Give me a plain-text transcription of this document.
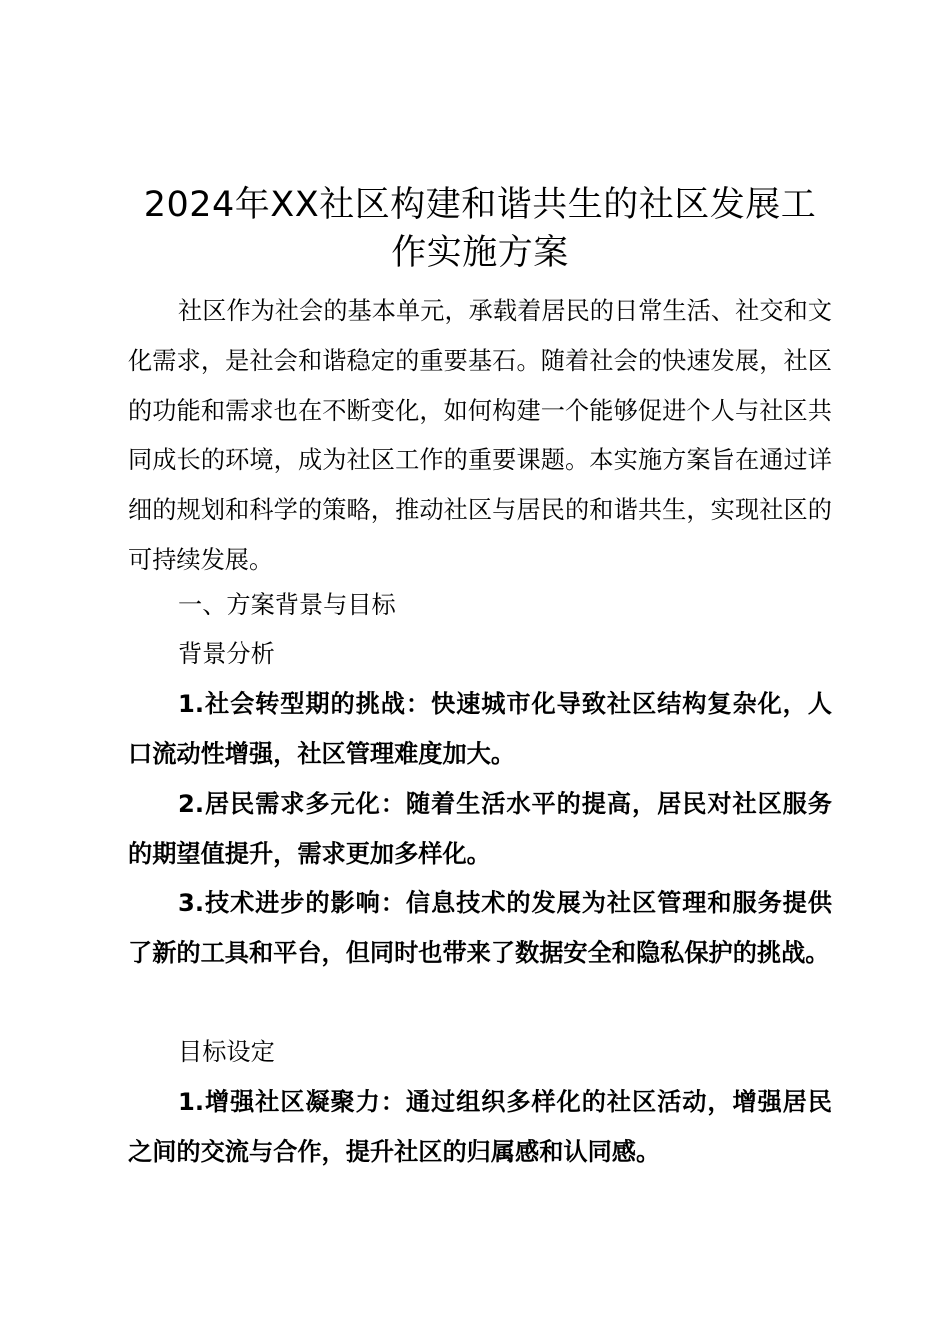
2024年XX社区构建和谐共生的社区发展工作实施方案

社区作为社会的基本单元，承载着居民的日常生活、社交和文化需求，是社会和谐稳定的重要基石。随着社会的快速发展，社区的功能和需求也在不断变化，如何构建一个能够促进个人与社区共同成长的环境，成为社区工作的重要课题。本实施方案旨在通过详细的规划和科学的策略，推动社区与居民的和谐共生，实现社区的可持续发展。

一、方案背景与目标

背景分析

1.社会转型期的挑战：快速城市化导致社区结构复杂化，人口流动性增强，社区管理难度加大。

2.居民需求多元化：随着生活水平的提高，居民对社区服务的期望值提升，需求更加多样化。

3.技术进步的影响：信息技术的发展为社区管理和服务提供了新的工具和平台，但同时也带来了数据安全和隐私保护的挑战。

目标设定

1.增强社区凝聚力：通过组织多样化的社区活动，增强居民之间的交流与合作，提升社区的归属感和认同感。
